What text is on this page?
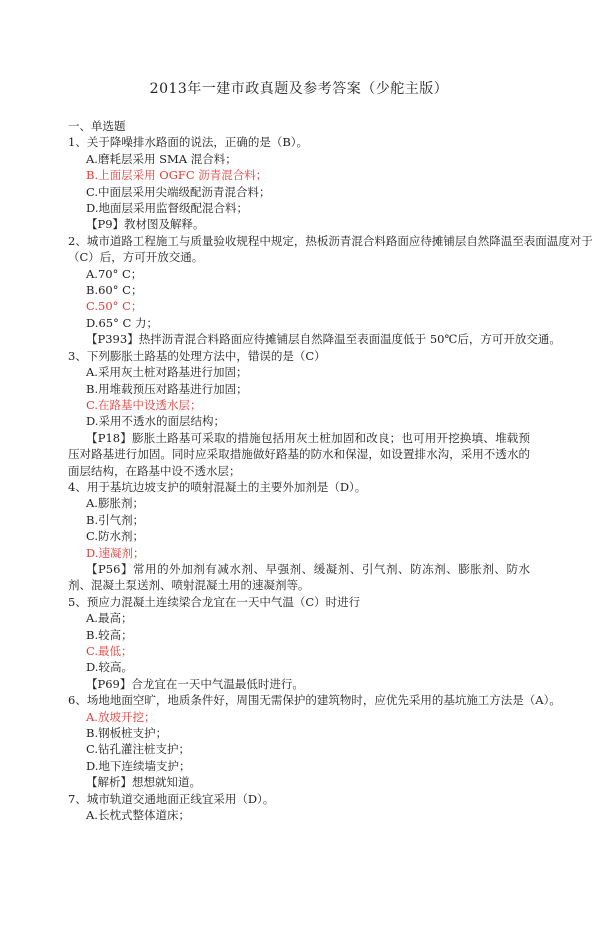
2013年一建市政真题及参考答案（少舵主版）
一、单选题
1、关于降噪排水路面的说法，正确的是（B）。
A.磨耗层采用 SMA 混合料；
B.上面层采用 OGFC 沥青混合料；
C.中面层采用尖端级配沥青混合料；
D.地面层采用监督级配混合料；
【P9】教材图及解释。
2、城市道路工程施工与质量验收规程中规定，热板沥青混合料路面应待摊铺层自然降温至表面温度对于
（C）后，方可开放交通。
A.70° C；
B.60° C；
C.50° C；
D.65° C 力；
【P393】热拌沥青混合料路面应待摊铺层自然降温至表面温度低于 50℃后，方可开放交通。
3、下列膨胀土路基的处理方法中，错误的是（C）
A.采用灰土桩对路基进行加固；
B.用堆载预压对路基进行加固；
C.在路基中设透水层；
D.采用不透水的面层结构；
【P18】膨胀土路基可采取的措施包括用灰土桩加固和改良；也可用开挖换填、堆载预压对路基进行加固。同时应采取措施做好路基的防水和保湿，如设置排水沟，采用不透水的面层结构，在路基中设不透水层；
4、用于基坑边坡支护的喷射混凝土的主要外加剂是（D）。
A.膨胀剂；
B.引气剂；
C.防水剂；
D.速凝剂；
【P56】常用的外加剂有减水剂、早强剂、缓凝剂、引气剂、防冻剂、膨胀剂、防水剂、混凝土泵送剂、喷射混凝土用的速凝剂等。
5、预应力混凝土连续梁合龙宜在一天中气温（C）时进行
A.最高；
B.较高；
C.最低；
D.较高。
【P69】合龙宜在一天中气温最低时进行。
6、场地地面空旷，地质条件好，周围无需保护的建筑物时，应优先采用的基坑施工方法是（A）。
A.放坡开挖；
B.钢板桩支护；
C.钻孔灌注桩支护；
D.地下连续墙支护；
【解析】想想就知道。
7、城市轨道交通地面正线宜采用（D）。
A.长枕式整体道床；
